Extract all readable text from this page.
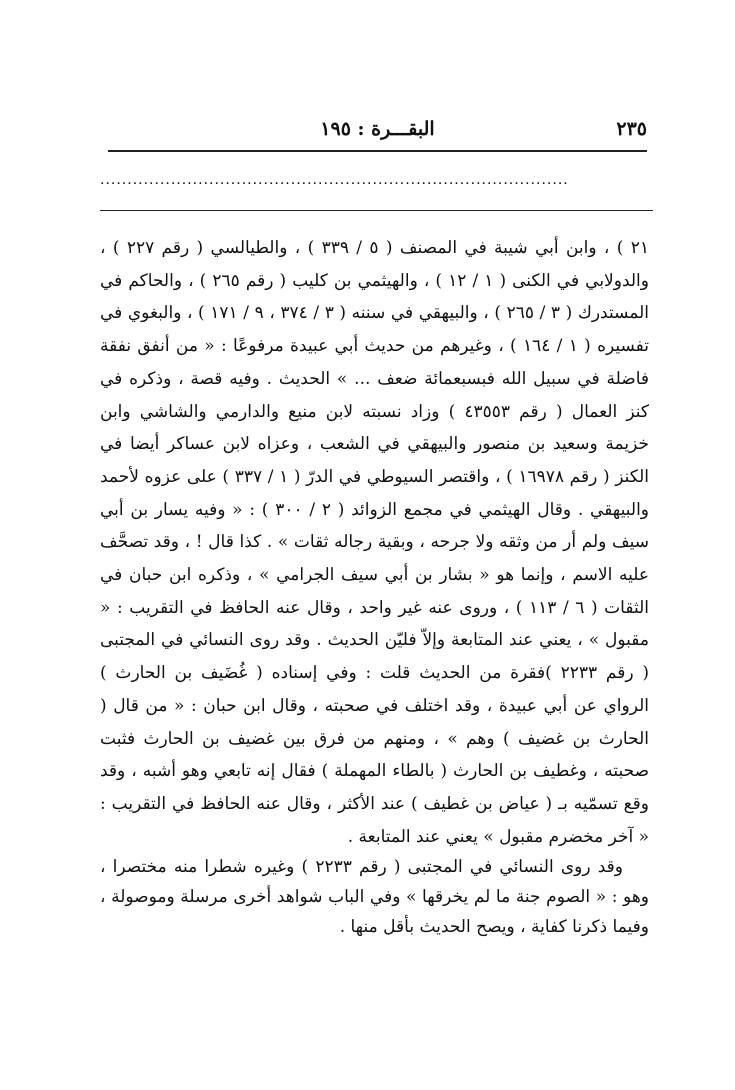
البقـــرة : ١٩٥	٢٣٥
......................................................................................

٢١ ) ، وابن أبي شيبة في المصنف ( ٥ / ٣٣٩ ) ، والطيالسي ( رقم ٢٢٧ ) ، والدولابي في الكنى ( ١ / ١٢ ) ، والهيثمي بن كليب ( رقم ٢٦٥ ) ، والحاكم في المستدرك ( ٣ / ٢٦٥ ) ، والبيهقي في سننه ( ٣ / ٣٧٤ ، ٩ / ١٧١ ) ، والبغوي في تفسيره ( ١ / ١٦٤ ) ، وغيرهم من حديث أبي عبيدة مرفوعًا : « من أنفق نفقة فاضلة في سبيل الله فبسبعمائة ضعف ... » الحديث . وفيه قصة ، وذكره في كنز العمال ( رقم ٤٣٥٥٣ ) وزاد نسبته لابن منيع والدارمي والشاشي وابن خزيمة وسعيد بن منصور والبيهقي في الشعب ، وعزاه لابن عساكر أيضا في الكنز ( رقم ١٦٩٧٨ ) ، واقتصر السيوطي في الدرّ ( ١ / ٣٣٧ ) على عزوه لأحمد والبيهقي . وقال الهيثمي في مجمع الزوائد ( ٢ / ٣٠٠ ) : « وفيه يسار بن أبي سيف ولم أر من وثقه ولا جرحه ، وبقية رجاله ثقات » . كذا قال ! ، وقد تصحَّف عليه الاسم ، وإنما هو « بشار بن أبي سيف الجرامي » ، وذكره ابن حبان في الثقات ( ٦ / ١١٣ ) ، وروى عنه غير واحد ، وقال عنه الحافظ في التقريب : « مقبول » ، يعني عند المتابعة وإلاّ فليّن الحديث . وقد روى النسائي في المجتبى ( رقم ٢٢٣٣ )فقرة من الحديث قلت : وفي إسناده ( غُضَيف بن الحارث ) الرواي عن أبي عبيدة ، وقد اختلف في صحبته ، وقال ابن حبان : « من قال ( الحارث بن غضيف ) وهم » ، ومنهم من فرق بين غضيف بن الحارث فثبت صحبته ، وغطيف بن الحارث ( بالطاء المهملة ) فقال إنه تابعي وهو أشبه ، وقد وقع تسمّيه بـ ( عياض بن غطيف ) عند الأكثر ، وقال عنه الحافظ في التقريب : « آخر مخضرم مقبول » يعني عند المتابعة .

وقد روى النسائي في المجتبى ( رقم ٢٢٣٣ ) وغيره شطرا منه مختصرا ، وهو : « الصوم جنة ما لم يخرقها » وفي الباب شواهد أخرى مرسلة وموصولة ، وفيما ذكرنا كفاية ، ويصح الحديث بأقل منها .
